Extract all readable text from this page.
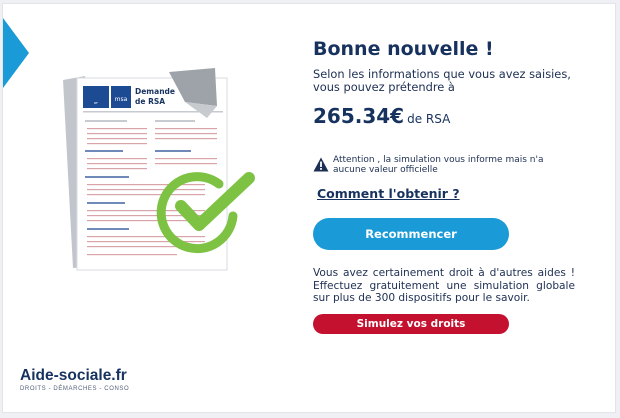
RF	msa
Demande
de RSA
Bonne nouvelle !
Selon les informations que vous avez saisies, vous pouvez prétendre à
265.34€ de RSA
Attention , la simulation vous informe mais n'a aucune valeur officielle
Comment l'obtenir ?
Recommencer
Vous avez certainement droit à d'autres aides ! Effectuez gratuitement une simulation globale sur plus de 300 dispositifs pour le savoir.
Simulez vos droits
Aide-sociale.fr
DROITS - DÉMARCHES - CONSO
